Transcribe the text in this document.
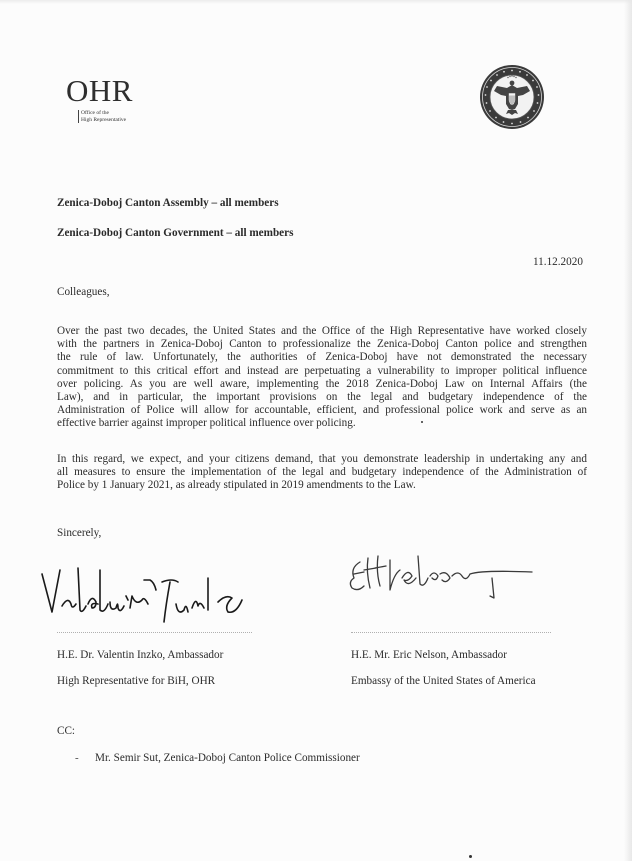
OHR
Office of the
High Representative
Zenica-Doboj Canton Assembly – all members
Zenica-Doboj Canton Government – all members
11.12.2020
Colleagues,
Over the past two decades, the United States and the Office of the High Representative have worked closely
with the partners in Zenica-Doboj Canton to professionalize the Zenica-Doboj Canton police and strengthen
the rule of law. Unfortunately, the authorities of Zenica-Doboj have not demonstrated the necessary
commitment to this critical effort and instead are perpetuating a vulnerability to improper political influence
over policing. As you are well aware, implementing the 2018 Zenica-Doboj Law on Internal Affairs (the
Law), and in particular, the important provisions on the legal and budgetary independence of the
Administration of Police will allow for accountable, efficient, and professional police work and serve as an
effective barrier against improper political influence over policing.
In this regard, we expect, and your citizens demand, that you demonstrate leadership in undertaking any and
all measures to ensure the implementation of the legal and budgetary independence of the Administration of
Police by 1 January 2021, as already stipulated in 2019 amendments to the Law.
Sincerely,
H.E. Dr. Valentin Inzko, Ambassador
High Representative for BiH, OHR
H.E. Mr. Eric Nelson, Ambassador
Embassy of the United States of America
CC:
- Mr. Semir Sut, Zenica-Doboj Canton Police Commissioner
